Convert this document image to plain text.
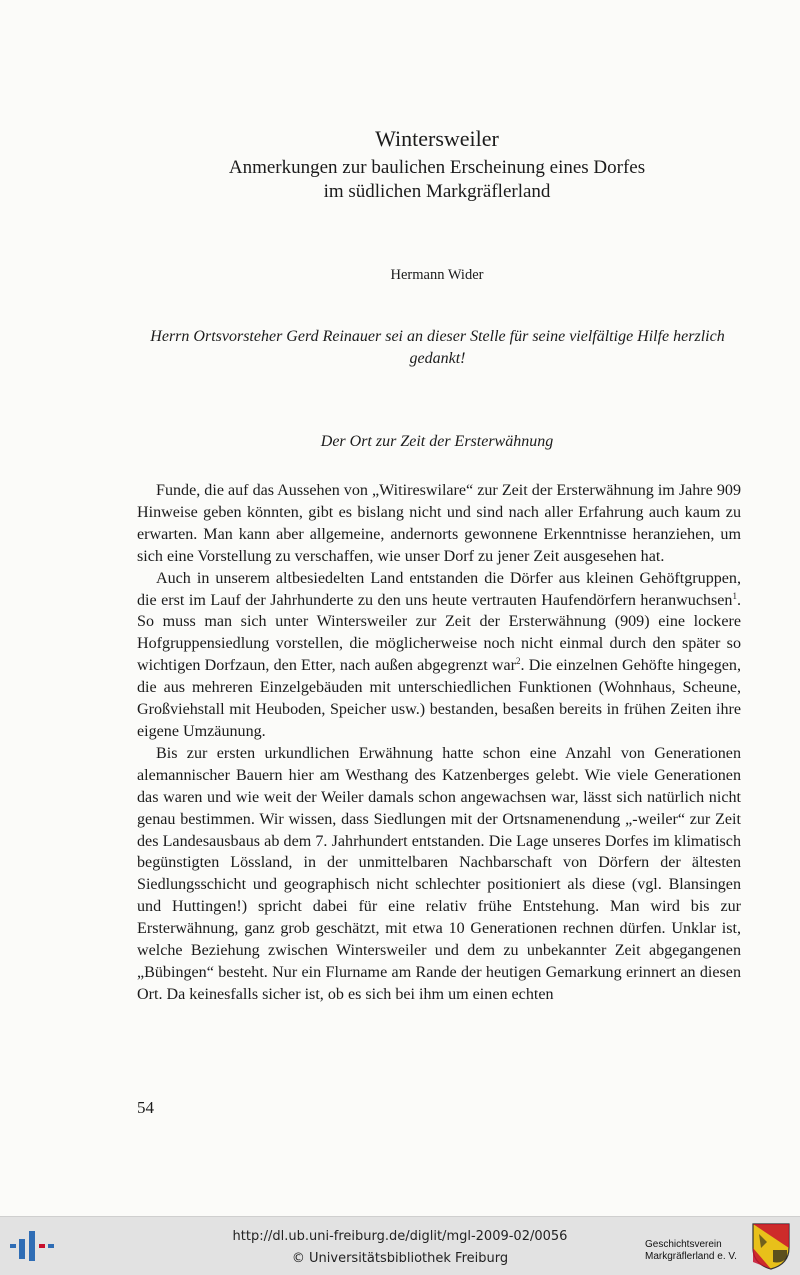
Wintersweiler
Anmerkungen zur baulichen Erscheinung eines Dorfes
im südlichen Markgräflerland
Hermann Wider
Herrn Ortsvorsteher Gerd Reinauer sei an dieser Stelle für seine vielfältige Hilfe herzlich gedankt!
Der Ort zur Zeit der Ersterwähnung

Funde, die auf das Aussehen von „Witireswilare“ zur Zeit der Ersterwähnung im Jahre 909 Hinweise geben könnten, gibt es bislang nicht und sind nach aller Erfahrung auch kaum zu erwarten. Man kann aber allgemeine, andernorts gewonnene Erkenntnisse heranziehen, um sich eine Vorstellung zu verschaffen, wie unser Dorf zu jener Zeit ausgesehen hat.

Auch in unserem altbesiedelten Land entstanden die Dörfer aus kleinen Gehöftgruppen, die erst im Lauf der Jahrhunderte zu den uns heute vertrauten Haufendörfern heranwuchsen$^1$. So muss man sich unter Wintersweiler zur Zeit der Ersterwähnung (909) eine lockere Hofgruppensiedlung vorstellen, die möglicherweise noch nicht einmal durch den später so wichtigen Dorfzaun, den Etter, nach außen abgegrenzt war$^2$. Die einzelnen Gehöfte hingegen, die aus mehreren Einzelgebäuden mit unterschiedlichen Funktionen (Wohnhaus, Scheune, Großviehstall mit Heuboden, Speicher usw.) bestanden, besaßen bereits in frühen Zeiten ihre eigene Umzäunung.

Bis zur ersten urkundlichen Erwähnung hatte schon eine Anzahl von Generationen alemannischer Bauern hier am Westhang des Katzenberges gelebt. Wie viele Generationen das waren und wie weit der Weiler damals schon angewachsen war, lässt sich natürlich nicht genau bestimmen. Wir wissen, dass Siedlungen mit der Ortsnamenendung „-weiler“ zur Zeit des Landesausbaus ab dem 7. Jahrhundert entstanden. Die Lage unseres Dorfes im klimatisch begünstigten Lössland, in der unmittelbaren Nachbarschaft von Dörfern der ältesten Siedlungsschicht und geographisch nicht schlechter positioniert als diese (vgl. Blansingen und Huttingen!) spricht dabei für eine relativ frühe Entstehung. Man wird bis zur Ersterwähnung, ganz grob geschätzt, mit etwa 10 Generationen rechnen dürfen. Unklar ist, welche Beziehung zwischen Wintersweiler und dem zu unbekannter Zeit abgegangenen „Bübingen“ besteht. Nur ein Flurname am Rande der heutigen Gemarkung erinnert an diesen Ort. Da keinesfalls sicher ist, ob es sich bei ihm um einen echten

54
http://dl.ub.uni-freiburg.de/diglit/mgl-2009-02/0056
© Universitätsbibliothek Freiburg
Geschichtsverein
Markgräflerland e. V.
